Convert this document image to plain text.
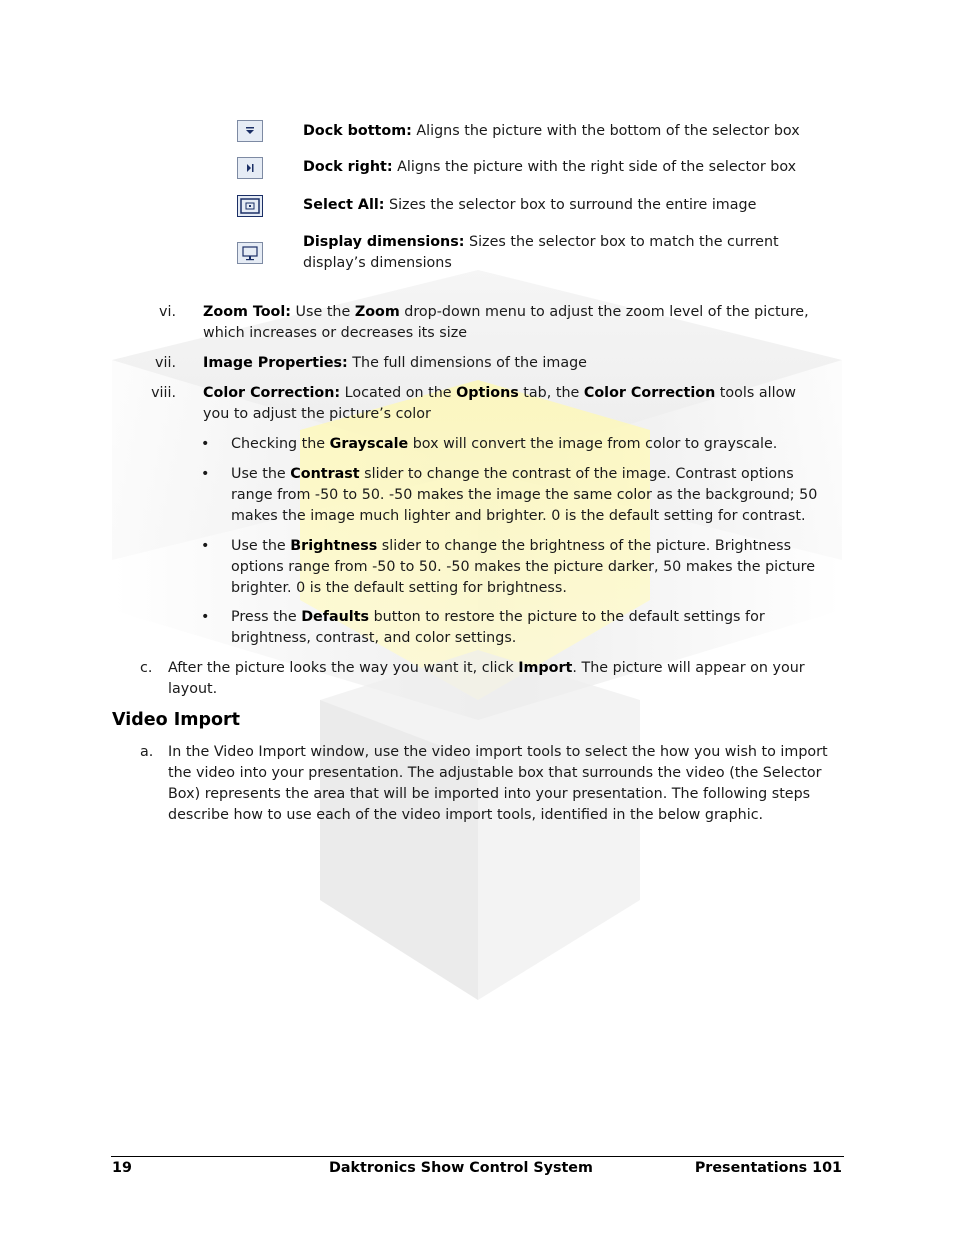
Dock bottom: Aligns the picture with the bottom of the selector box
Dock right: Aligns the picture with the right side of the selector box
Select All: Sizes the selector box to surround the entire image
Display dimensions: Sizes the selector box to match the current display’s dimensions
vi. Zoom Tool: Use the Zoom drop-down menu to adjust the zoom level of the picture, which increases or decreases its size
vii. Image Properties: The full dimensions of the image
viii. Color Correction: Located on the Options tab, the Color Correction tools allow you to adjust the picture’s color
•	Checking the Grayscale box will convert the image from color to grayscale.
•	Use the Contrast slider to change the contrast of the image. Contrast options range from -50 to 50. -50 makes the image the same color as the background; 50 makes the image much lighter and brighter. 0 is the default setting for contrast.
•	Use the Brightness slider to change the brightness of the picture. Brightness options range from -50 to 50. -50 makes the picture darker, 50 makes the picture brighter. 0 is the default setting for brightness.
•	Press the Defaults button to restore the picture to the default settings for brightness, contrast, and color settings.
c. After the picture looks the way you want it, click Import. The picture will appear on your layout.
Video Import
a. In the Video Import window, use the video import tools to select the how you wish to import the video into your presentation. The adjustable box that surrounds the video (the Selector Box) represents the area that will be imported into your presentation. The following steps describe how to use each of the video import tools, identified in the below graphic.
19	Daktronics Show Control System	Presentations 101
